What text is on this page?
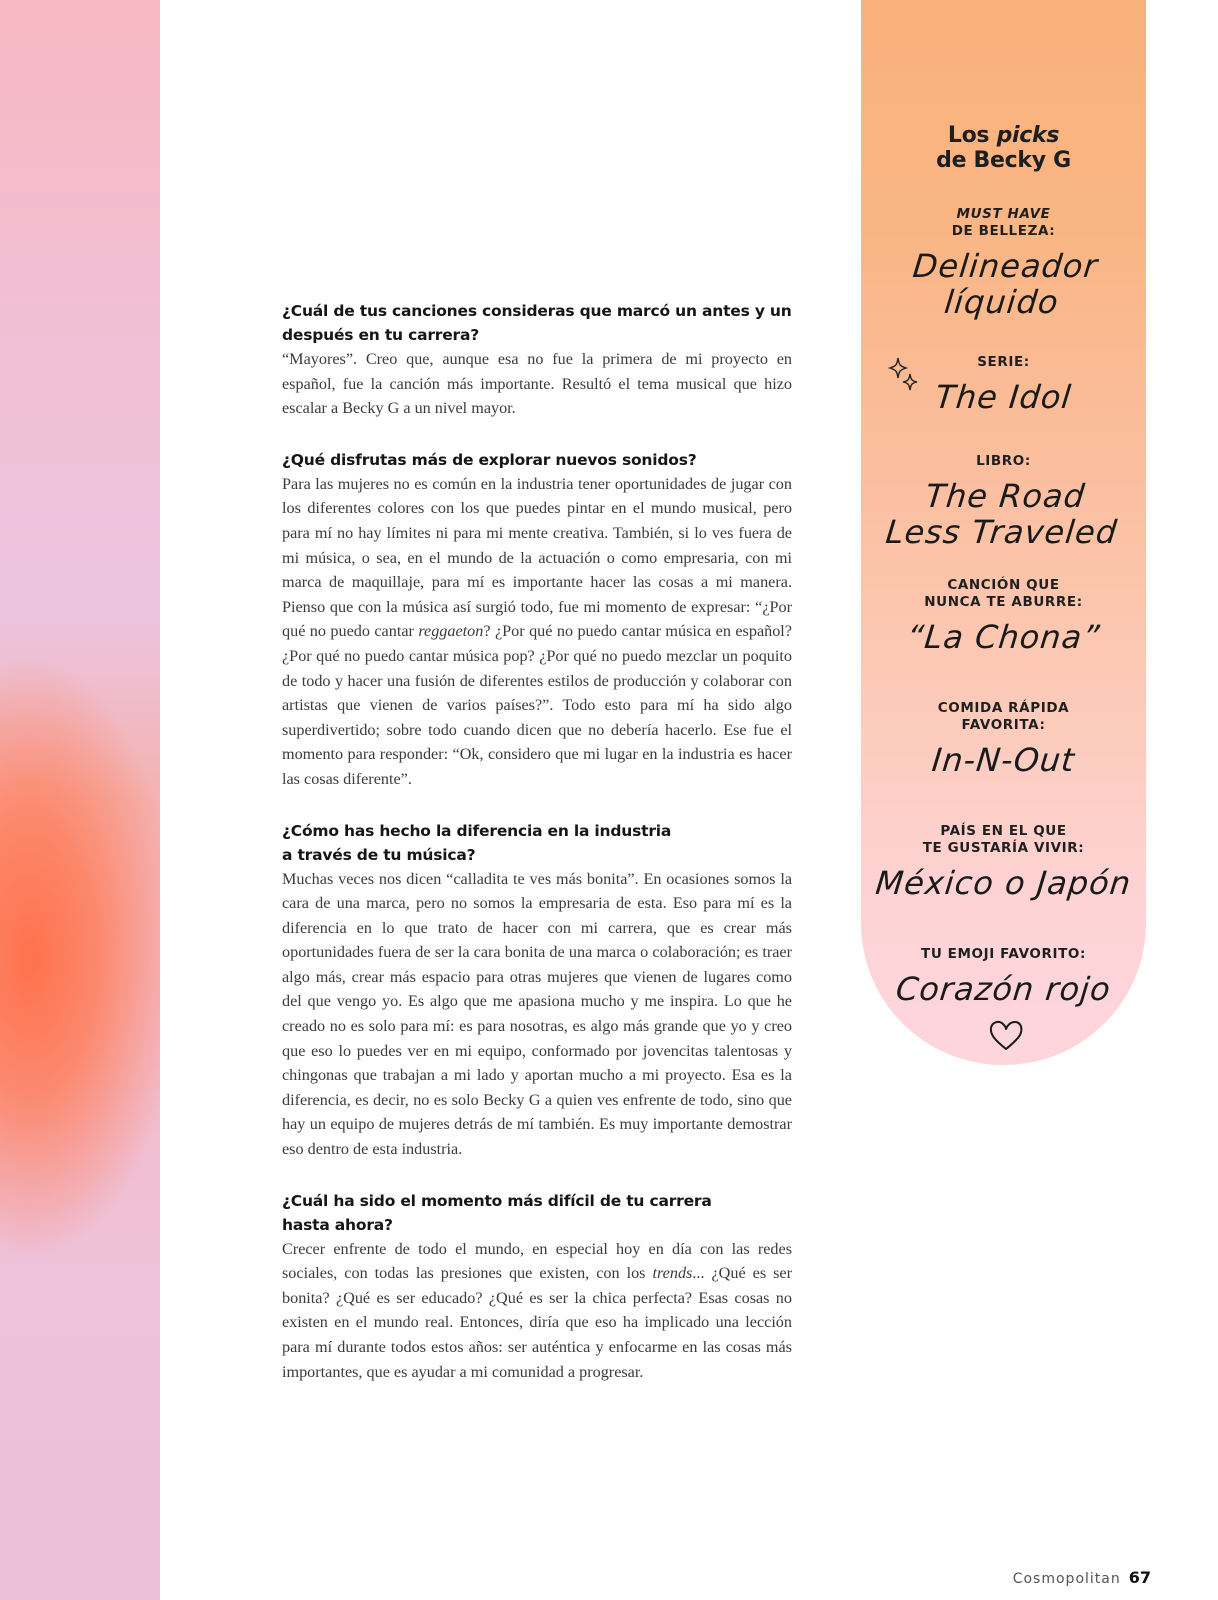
¿Cuál de tus canciones consideras que marcó un antes y un después en tu carrera?
“Mayores”. Creo que, aunque esa no fue la primera de mi proyecto en español, fue la canción más importante. Resultó el tema musical que hizo escalar a Becky G a un nivel mayor.
¿Qué disfrutas más de explorar nuevos sonidos?
Para las mujeres no es común en la industria tener oportunidades de jugar con los diferentes colores con los que puedes pintar en el mundo musical, pero para mí no hay límites ni para mi mente creativa. También, si lo ves fuera de mi música, o sea, en el mundo de la actuación o como empresaria, con mi marca de maquillaje, para mí es importante hacer las cosas a mi manera. Pienso que con la música así surgió todo, fue mi momento de expresar: “¿Por qué no puedo cantar reggaeton? ¿Por qué no puedo cantar música en español? ¿Por qué no puedo cantar música pop? ¿Por qué no puedo mezclar un poquito de todo y hacer una fusión de diferentes estilos de producción y colaborar con artistas que vienen de varios países?”. Todo esto para mí ha sido algo superdivertido; sobre todo cuando dicen que no debería hacerlo. Ese fue el momento para responder: “Ok, considero que mi lugar en la industria es hacer las cosas diferente”.
¿Cómo has hecho la diferencia en la industria
a través de tu música?
Muchas veces nos dicen “calladita te ves más bonita”. En ocasiones somos la cara de una marca, pero no somos la empresaria de esta. Eso para mí es la diferencia en lo que trato de hacer con mi carrera, que es crear más oportunidades fuera de ser la cara bonita de una marca o colaboración; es traer algo más, crear más espacio para otras mujeres que vienen de lugares como del que vengo yo. Es algo que me apasiona mucho y me inspira. Lo que he creado no es solo para mí: es para nosotras, es algo más grande que yo y creo que eso lo puedes ver en mi equipo, conformado por jovencitas talentosas y chingonas que trabajan a mi lado y aportan mucho a mi proyecto. Esa es la diferencia, es decir, no es solo Becky G a quien ves enfrente de todo, sino que hay un equipo de mujeres detrás de mí también. Es muy importante demostrar eso dentro de esta industria.
¿Cuál ha sido el momento más difícil de tu carrera
hasta ahora?
Crecer enfrente de todo el mundo, en especial hoy en día con las redes sociales, con todas las presiones que existen, con los trends... ¿Qué es ser bonita? ¿Qué es ser educado? ¿Qué es ser la chica perfecta? Esas cosas no existen en el mundo real. Entonces, diría que eso ha implicado una lección para mí durante todos estos años: ser auténtica y enfocarme en las cosas más importantes, que es ayudar a mi comunidad a progresar.
Los picks
de Becky G
MUST HAVE
DE BELLEZA:
Delineador
líquido
SERIE:
The Idol
LIBRO:
The Road
Less Traveled
CANCIÓN QUE
NUNCA TE ABURRE:
“La Chona”
COMIDA RÁPIDA
FAVORITA:
In-N-Out
PAÍS EN EL QUE
TE GUSTARÍA VIVIR:
México o Japón
TU EMOJI FAVORITO:
Corazón rojo
Cosmopolitan 67
